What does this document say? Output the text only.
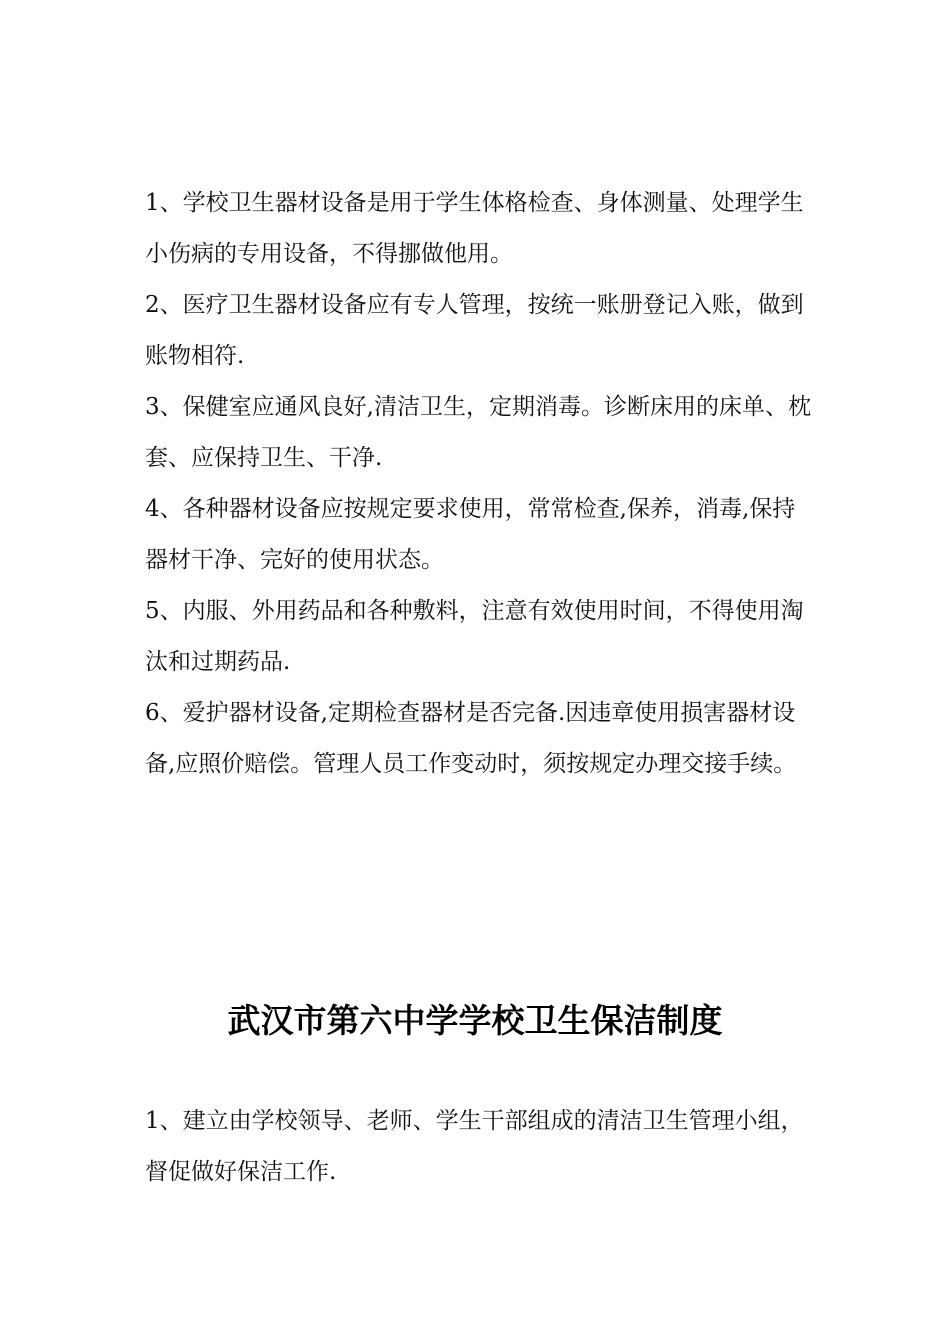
1、学校卫生器材设备是用于学生体格检查、身体测量、处理学生小伤病的专用设备，不得挪做他用。

2、医疗卫生器材设备应有专人管理，按统一账册登记入账，做到账物相符.

3、保健室应通风良好,清洁卫生，定期消毒。诊断床用的床单、枕套、应保持卫生、干净.

4、各种器材设备应按规定要求使用，常常检查,保养，消毒,保持器材干净、完好的使用状态。

5、内服、外用药品和各种敷料，注意有效使用时间，不得使用淘汰和过期药品.

6、爱护器材设备,定期检查器材是否完备.因违章使用损害器材设备,应照价赔偿。管理人员工作变动时，须按规定办理交接手续。

武汉市第六中学学校卫生保洁制度

1、建立由学校领导、老师、学生干部组成的清洁卫生管理小组，督促做好保洁工作.
